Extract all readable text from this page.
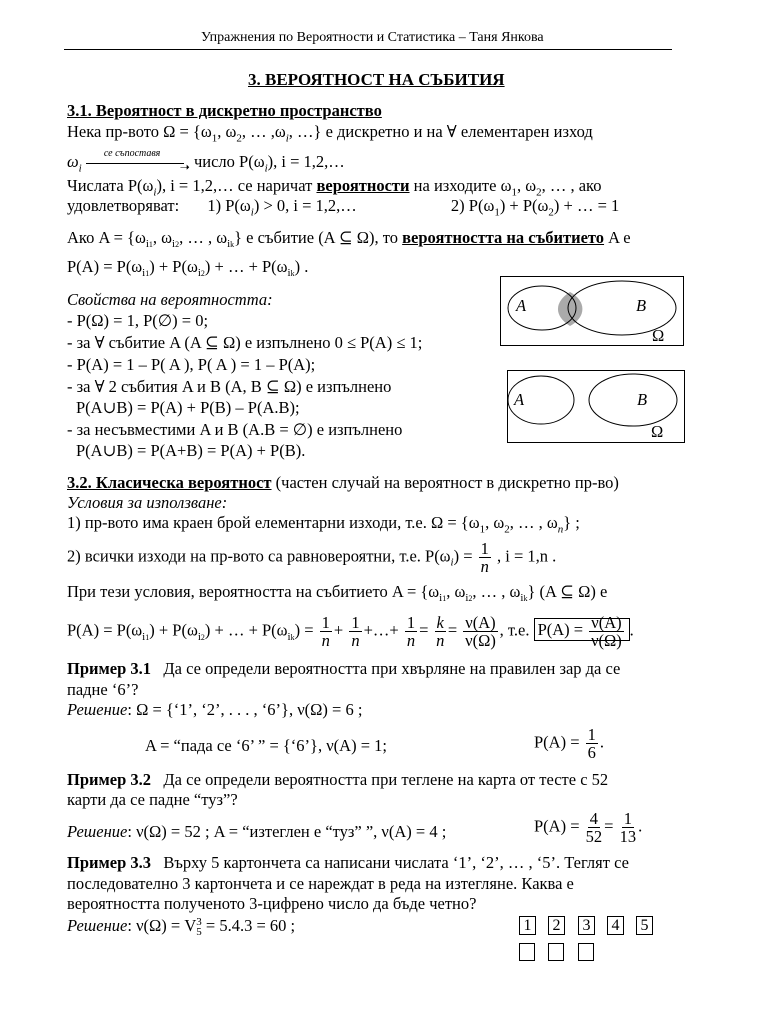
Упражнения по Вероятности и Статистика – Таня Янкова
3. ВЕРОЯТНОСТ НА СЪБИТИЯ
3.1. Вероятност в дискретно пространство
Нека пр-вото $\Omega = \{\omega_1$, $\omega_2$, … $,\omega_i$, …} е дискретно и на ∀ елементарен изход
$\omega_i$
се съпоставя
➝ число $P(\omega_i)$, i = 1,2,…
Числата $P(\omega_i)$, i = 1,2,… се наричат вероятности на изходите $\omega_1$, $\omega_2$, … , ако
удовлетворяват: 1) $P(\omega_i) > 0$, i = 1,2,…	2) $P(\omega_1) + P(\omega_2)$ + … = 1
Ако $A = \{\omega_{i1}$, $\omega_{i2}$, … , $\omega_{ik}$} е събитие (A ⊆ Ω), то вероятността на събитието A е
$P(A) = P(\omega_{i1}) + P(\omega_{i2})$ + … + $P(\omega_{ik})$ .
Свойства на вероятността:
- P(Ω) = 1, P(∅) = 0;
- за ∀ събитие A (A ⊆ Ω) е изпълнено 0 ≤ P(A) ≤ 1;
- P(A) = 1 – P( A ), P( A ) = 1 – P(A);
- за ∀ 2 събития A и B (A, B ⊆ Ω) е изпълнено
P(A∪B) = P(A) + P(B) – P(A.B);
- за несъвместими A и B (A.B = ∅) е изпълнено
P(A∪B) = P(A+B) = P(A) + P(B).
A	B
Ω
A	B
Ω
3.2. Класическа вероятност (частен случай на вероятност в дискретно пр-во)
Условия за използване:
1) пр-вото има краен брой елементарни изходи, т.е. $\Omega = \{\omega_1$, $\omega_2$, … , $\omega_n$} ;
2) всички изходи на пр-вото са равновероятни, т.е. $P(\omega_i) = \frac{1}{n}$ , i = 1,n .
При тези условия, вероятността на събитието $A = \{\omega_{i1}$, $\omega_{i2}$, … , $\omega_{ik}$} (A ⊆ Ω) е
$P(A) = P(\omega_{i1}) + P(\omega_{i2})$ + … + $P(\omega_{ik}) = \frac{1}{n} + \frac{1}{n}$ +…+ $\frac{1}{n} = \frac{k}{n} = \frac{\nu(A)}{\nu(\Omega)}$ , т.е. $P(A) = \frac{\nu(A)}{\nu(\Omega)}$ .
Пример 3.1 Да се определи вероятността при хвърляне на правилен зар да се
падне ‘6’?
Решение: Ω = {‘1’, ‘2’, . . . , ‘6’}, ν(Ω) = 6 ;
A = “пада се ‘6’ ” = {‘6’}, ν(A) = 1;	$P(A) = \frac{1}{6}$ .
Пример 3.2 Да се определи вероятността при теглене на карта от тесте с 52
карти да се падне “туз”?
Решение: ν(Ω) = 52 ; A = “изтеглен е “туз” ”, ν(A) = 4 ;	$P(A) = \frac{4}{52} = \frac{1}{13}$ .
Пример 3.3 Върху 5 картончета са написани числата ‘1’, ‘2’, … , ‘5’. Теглят се
последователно 3 картончета и се нареждат в реда на изтегляне. Каква е
вероятността полученото 3-цифрено число да бъде четно?
Решение: ν(Ω) = V 3
5 = 5.4.3 = 60 ;	1 2 3 4 5
